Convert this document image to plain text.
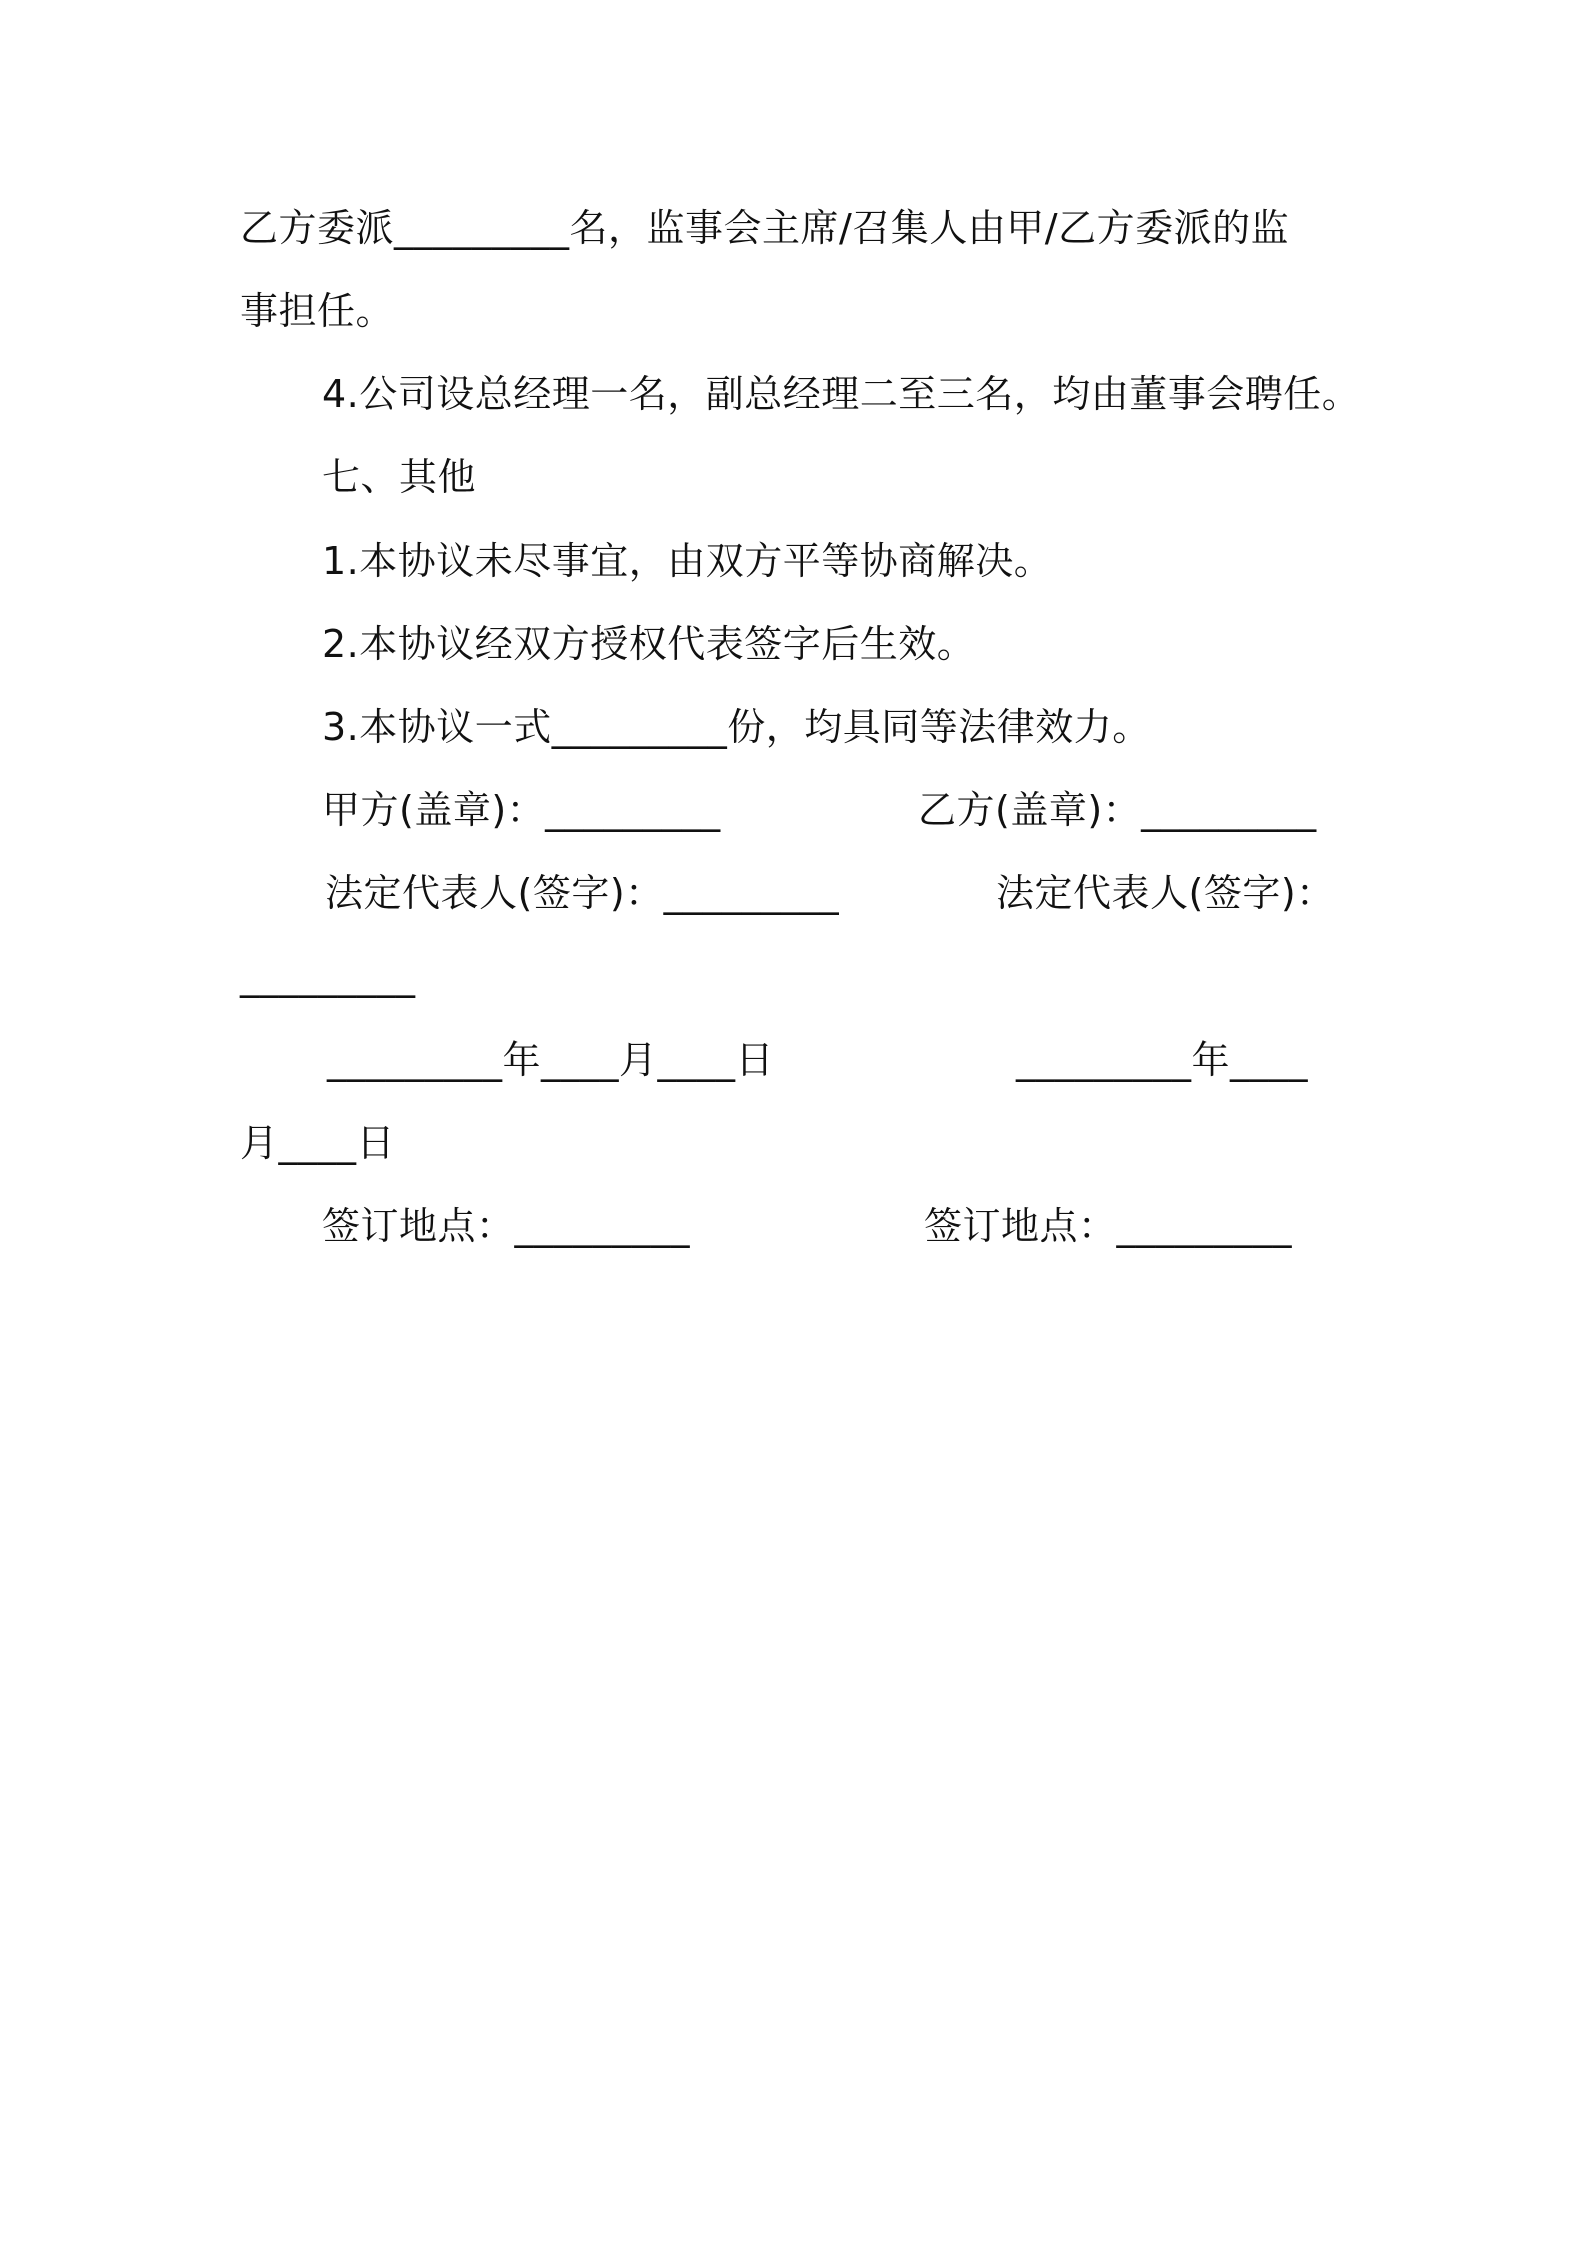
乙方委派_________名，监事会主席/召集人由甲/乙方委派的监
事担任。
4.公司设总经理一名，副总经理二至三名，均由董事会聘任。
七、其他
1.本协议未尽事宜，由双方平等协商解决。
2.本协议经双方授权代表签字后生效。
3.本协议一式_________份，均具同等法律效力。
甲方(盖章)：_________	乙方(盖章)：_________
法定代表人(签字)：_________	法定代表人(签字)：
_________
_________年____月____日	_________年____
月____日
签订地点：_________	签订地点：_________
